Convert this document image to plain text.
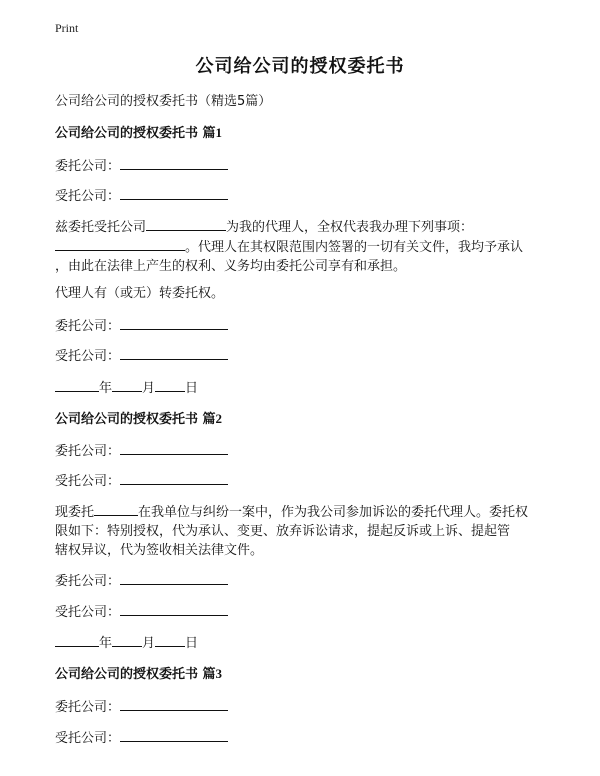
Print
公司给公司的授权委托书
公司给公司的授权委托书（精选5篇）
公司给公司的授权委托书 篇1
委托公司：
受托公司：
兹委托受托公司	为我的代理人，全权代表我办理下列事项：
。代理人在其权限范围内签署的一切有关文件，我均予承认
，由此在法律上产生的权利、义务均由委托公司享有和承担。
代理人有（或无）转委托权。
委托公司：
受托公司：
年 月 日
公司给公司的授权委托书 篇2
委托公司：
受托公司：
现委托	在我单位与纠纷一案中，作为我公司参加诉讼的委托代理人。委托权
限如下：特别授权，代为承认、变更、放弃诉讼请求，提起反诉或上诉、提起管
辖权异议，代为签收相关法律文件。
委托公司：
受托公司：
年 月 日
公司给公司的授权委托书 篇3
委托公司：
受托公司：
